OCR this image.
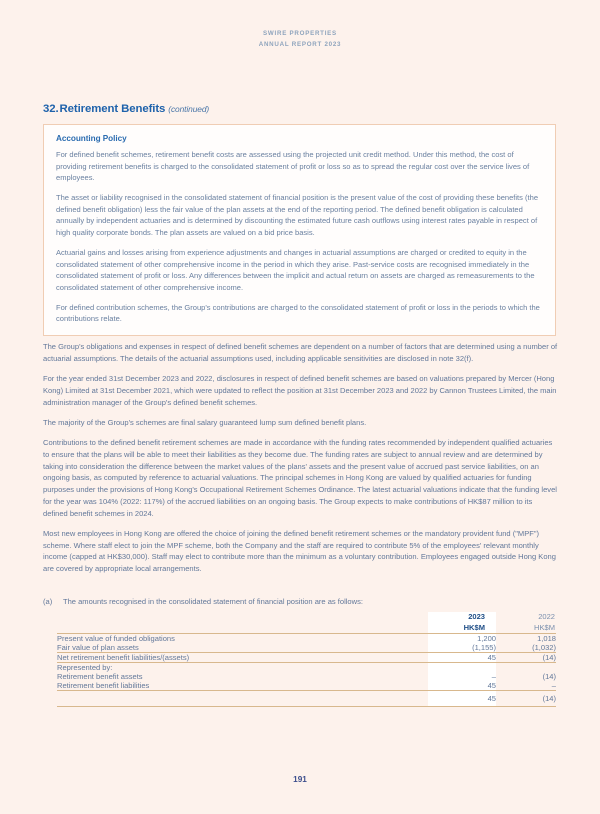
SWIRE PROPERTIES
ANNUAL REPORT 2023
32.Retirement Benefits (continued)
Accounting Policy

For defined benefit schemes, retirement benefit costs are assessed using the projected unit credit method. Under this method, the cost of providing retirement benefits is charged to the consolidated statement of profit or loss so as to spread the regular cost over the service lives of employees.

The asset or liability recognised in the consolidated statement of financial position is the present value of the cost of providing these benefits (the defined benefit obligation) less the fair value of the plan assets at the end of the reporting period. The defined benefit obligation is calculated annually by independent actuaries and is determined by discounting the estimated future cash outflows using interest rates payable in respect of high quality corporate bonds. The plan assets are valued on a bid price basis.

Actuarial gains and losses arising from experience adjustments and changes in actuarial assumptions are charged or credited to equity in the consolidated statement of other comprehensive income in the period in which they arise. Past-service costs are recognised immediately in the consolidated statement of profit or loss. Any differences between the implicit and actual return on assets are charged as remeasurements to the consolidated statement of other comprehensive income.

For defined contribution schemes, the Group's contributions are charged to the consolidated statement of profit or loss in the periods to which the contributions relate.

The Group's obligations and expenses in respect of defined benefit schemes are dependent on a number of factors that are determined using a number of actuarial assumptions. The details of the actuarial assumptions used, including applicable sensitivities are disclosed in note 32(f).

For the year ended 31st December 2023 and 2022, disclosures in respect of defined benefit schemes are based on valuations prepared by Mercer (Hong Kong) Limited at 31st December 2021, which were updated to reflect the position at 31st December 2023 and 2022 by Cannon Trustees Limited, the main administration manager of the Group's defined benefit schemes.

The majority of the Group's schemes are final salary guaranteed lump sum defined benefit plans.

Contributions to the defined benefit retirement schemes are made in accordance with the funding rates recommended by independent qualified actuaries to ensure that the plans will be able to meet their liabilities as they become due. The funding rates are subject to annual review and are determined by taking into consideration the difference between the market values of the plans' assets and the present value of accrued past service liabilities, on an ongoing basis, as computed by reference to actuarial valuations. The principal schemes in Hong Kong are valued by qualified actuaries for funding purposes under the provisions of Hong Kong's Occupational Retirement Schemes Ordinance. The latest actuarial valuations indicate that the funding level for the year was 104% (2022: 117%) of the accrued liabilities on an ongoing basis. The Group expects to make contributions of HK$87 million to its defined benefit schemes in 2024.

Most new employees in Hong Kong are offered the choice of joining the defined benefit retirement schemes or the mandatory provident fund ("MPF") scheme. Where staff elect to join the MPF scheme, both the Company and the staff are required to contribute 5% of the employees' relevant monthly income (capped at HK$30,000). Staff may elect to contribute more than the minimum as a voluntary contribution. Employees engaged outside Hong Kong are covered by appropriate local arrangements.

(a)	The amounts recognised in the consolidated statement of financial position are as follows:

2023
HK$M

2022
HK$M

Present value of funded obligations	1,200	1,018
Fair value of plan assets	(1,155)	(1,032)
Net retirement benefit liabilities/(assets)	45	(14)
Represented by:		
Retirement benefit assets	–	(14)
Retirement benefit liabilities	45	–
	45	(14)
191
